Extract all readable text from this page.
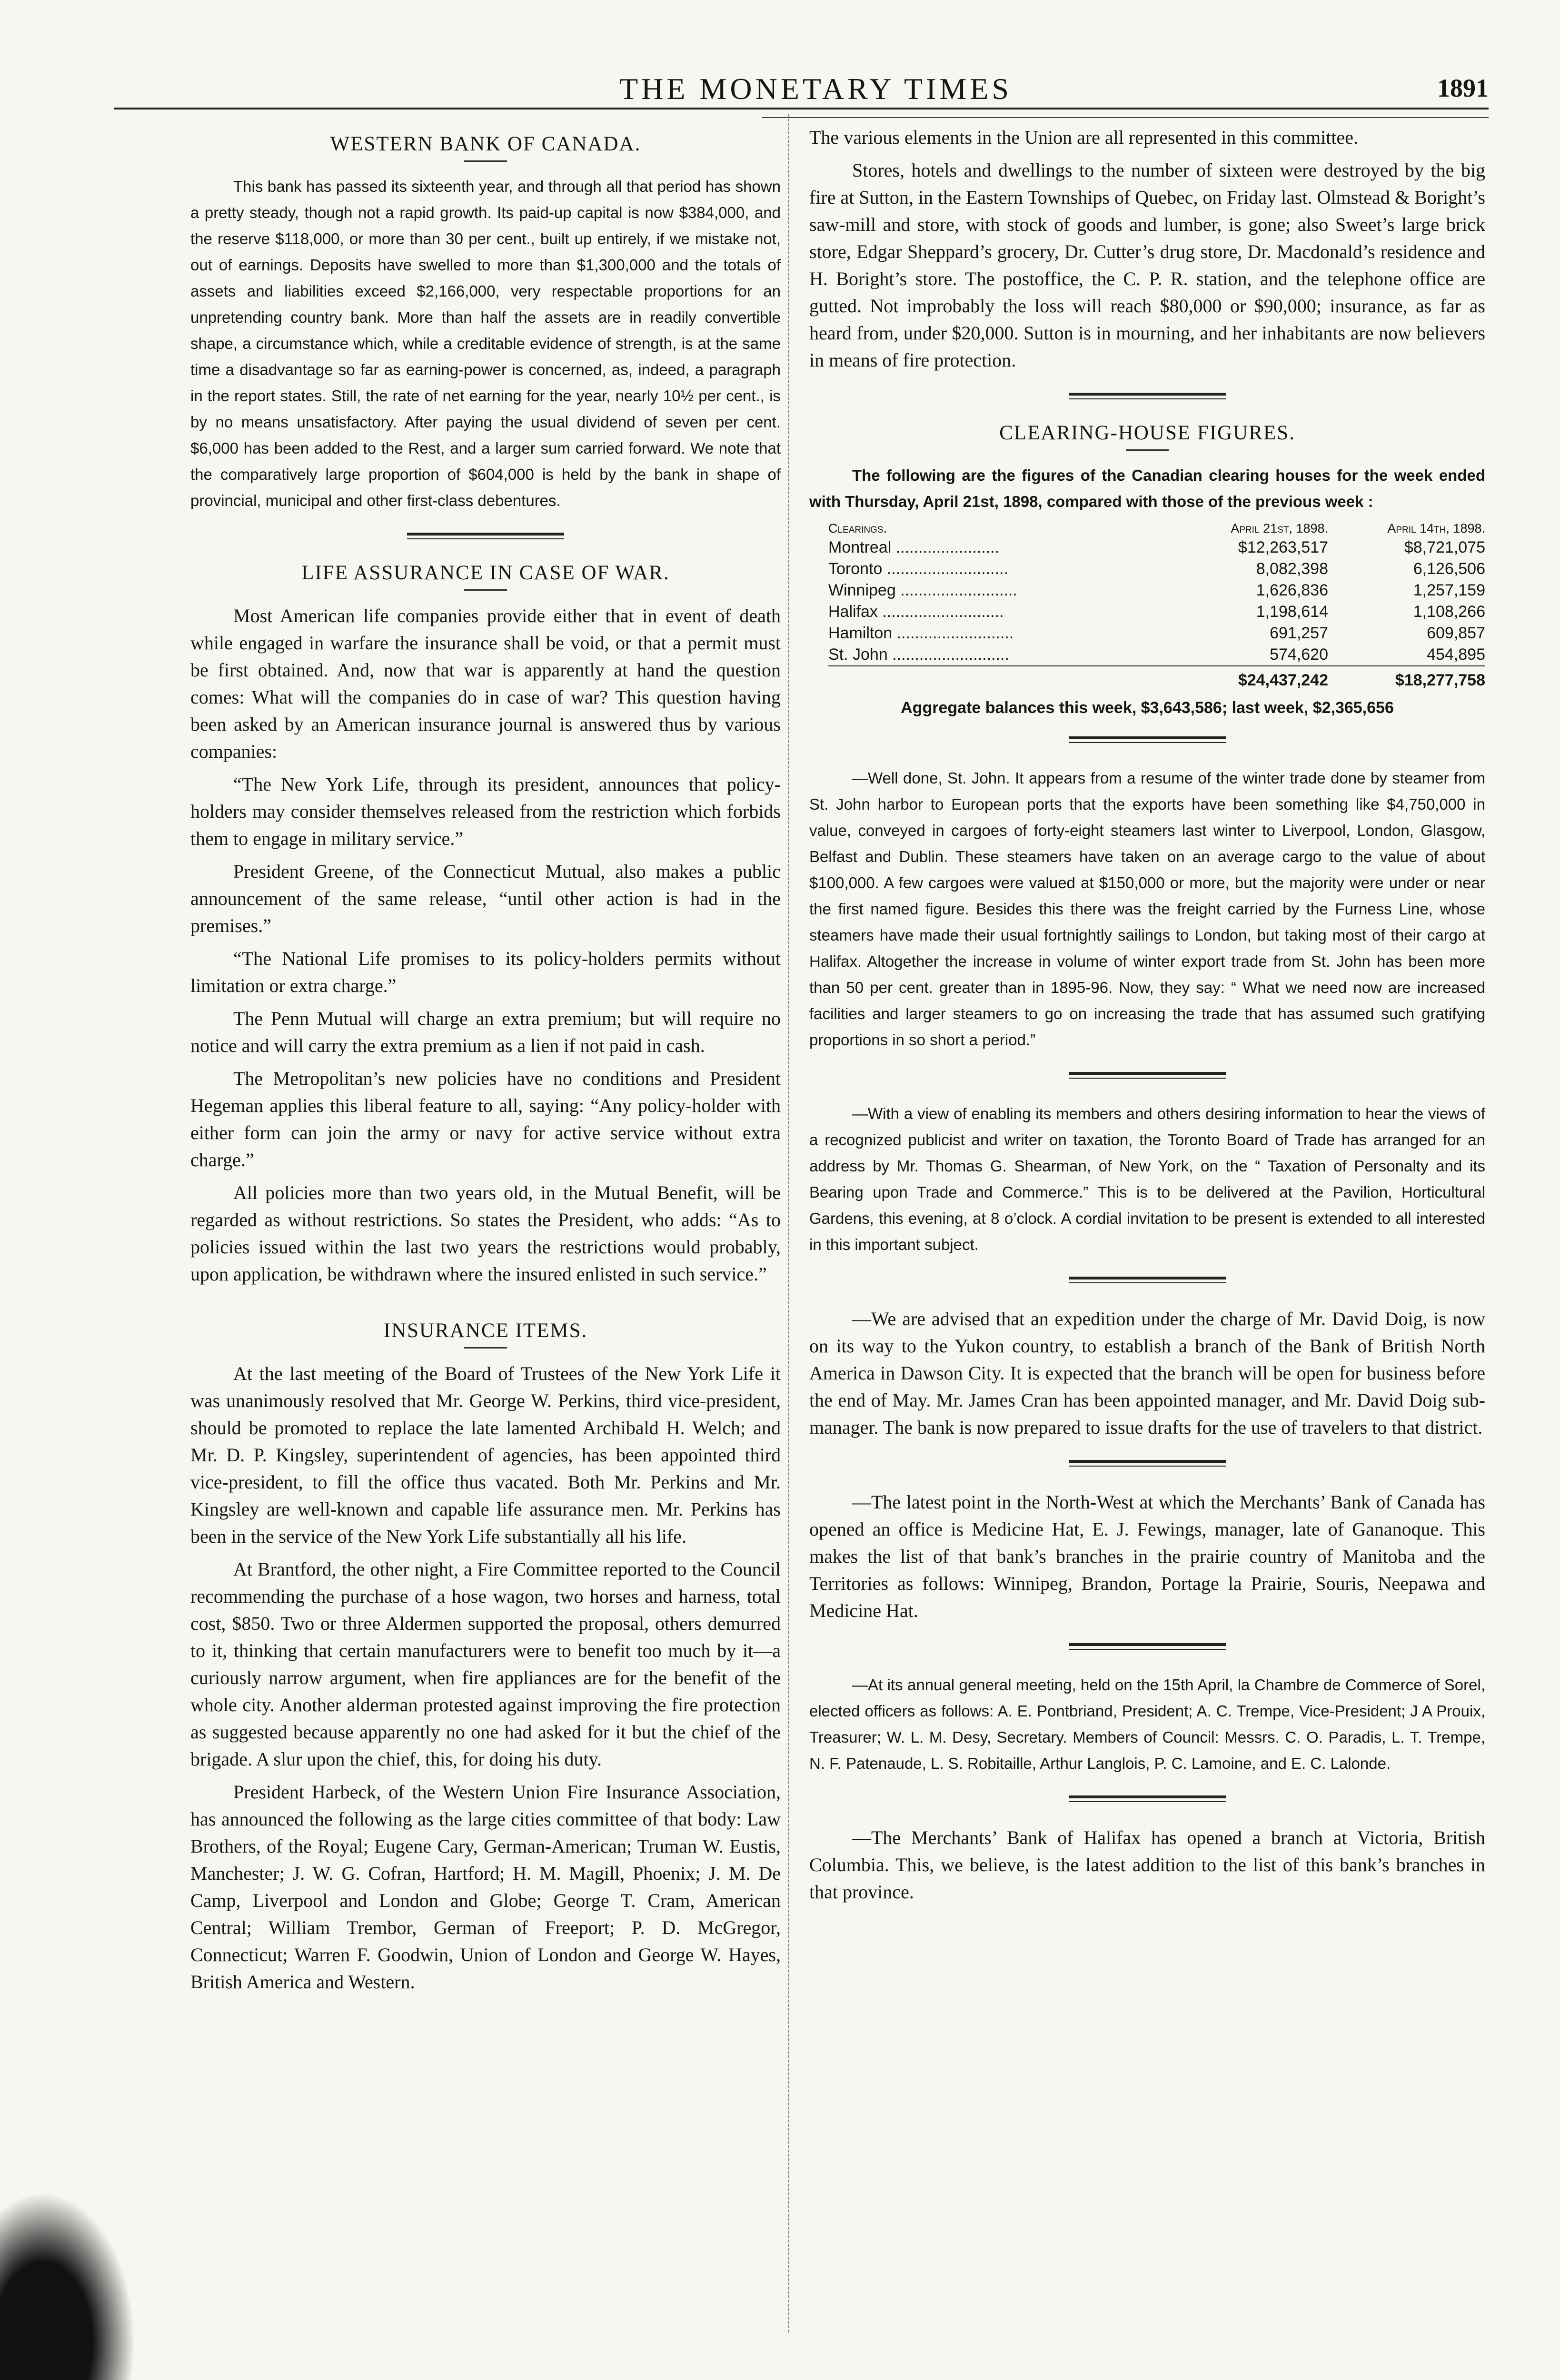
THE MONETARY TIMES	1891
WESTERN BANK OF CANADA.

This bank has passed its sixteenth year, and through all that period has shown a pretty steady, though not a rapid growth. Its paid-up capital is now $384,000, and the reserve $118,000, or more than 30 per cent., built up entirely, if we mistake not, out of earnings. Deposits have swelled to more than $1,300,000 and the totals of assets and liabilities exceed $2,166,000, very respectable proportions for an unpretending country bank. More than half the assets are in readily convertible shape, a circumstance which, while a creditable evidence of strength, is at the same time a disadvantage so far as earning-power is concerned, as, indeed, a paragraph in the report states. Still, the rate of net earning for the year, nearly 10½ per cent., is by no means unsatisfactory. After paying the usual dividend of seven per cent. $6,000 has been added to the Rest, and a larger sum carried forward. We note that the comparatively large proportion of $604,000 is held by the bank in shape of provincial, municipal and other first-class debentures.

LIFE ASSURANCE IN CASE OF WAR.

Most American life companies provide either that in event of death while engaged in warfare the insurance shall be void, or that a permit must be first obtained. And, now that war is apparently at hand the question comes: What will the companies do in case of war? This question having been asked by an American insurance journal is answered thus by various companies:

“The New York Life, through its president, announces that policy-holders may consider themselves released from the restriction which forbids them to engage in military service.”

President Greene, of the Connecticut Mutual, also makes a public announcement of the same release, “until other action is had in the premises.”

“The National Life promises to its policy-holders permits without limitation or extra charge.”

The Penn Mutual will charge an extra premium; but will require no notice and will carry the extra premium as a lien if not paid in cash.

The Metropolitan’s new policies have no conditions and President Hegeman applies this liberal feature to all, saying: “Any policy-holder with either form can join the army or navy for active service without extra charge.”

All policies more than two years old, in the Mutual Benefit, will be regarded as without restrictions. So states the President, who adds: “As to policies issued within the last two years the restrictions would probably, upon application, be withdrawn where the insured enlisted in such service.”

INSURANCE ITEMS.

At the last meeting of the Board of Trustees of the New York Life it was unanimously resolved that Mr. George W. Perkins, third vice-president, should be promoted to replace the late lamented Archibald H. Welch; and Mr. D. P. Kingsley, superintendent of agencies, has been appointed third vice-president, to fill the office thus vacated. Both Mr. Perkins and Mr. Kingsley are well-known and capable life assurance men. Mr. Perkins has been in the service of the New York Life substantially all his life.

At Brantford, the other night, a Fire Committee reported to the Council recommending the purchase of a hose wagon, two horses and harness, total cost, $850. Two or three Aldermen supported the proposal, others demurred to it, thinking that certain manufacturers were to benefit too much by it—a curiously narrow argument, when fire appliances are for the benefit of the whole city. Another alderman protested against improving the fire protection as suggested because apparently no one had asked for it but the chief of the brigade. A slur upon the chief, this, for doing his duty.

President Harbeck, of the Western Union Fire Insurance Association, has announced the following as the large cities committee of that body: Law Brothers, of the Royal; Eugene Cary, German-American; Truman W. Eustis, Manchester; J. W. G. Cofran, Hartford; H. M. Magill, Phoenix; J. M. De Camp, Liverpool and London and Globe; George T. Cram, American Central; William Trembor, German of Freeport; P. D. McGregor, Connecticut; Warren F. Goodwin, Union of London and George W. Hayes, British America and Western.

The various elements in the Union are all represented in this committee.

Stores, hotels and dwellings to the number of sixteen were destroyed by the big fire at Sutton, in the Eastern Townships of Quebec, on Friday last. Olmstead & Boright’s saw-mill and store, with stock of goods and lumber, is gone; also Sweet’s large brick store, Edgar Sheppard’s grocery, Dr. Cutter’s drug store, Dr. Macdonald’s residence and H. Boright’s store. The postoffice, the C. P. R. station, and the telephone office are gutted. Not improbably the loss will reach $80,000 or $90,000; insurance, as far as heard from, under $20,000. Sutton is in mourning, and her inhabitants are now believers in means of fire protection.

CLEARING-HOUSE FIGURES.

The following are the figures of the Canadian clearing houses for the week ended with Thursday, April 21st, 1898, compared with those of the previous week :

Clearings.	April 21st, 1898.	April 14th, 1898.
Montreal .......................	$12,263,517	$8,721,075
Toronto ...........................	8,082,398	6,126,506
Winnipeg ..........................	1,626,836	1,257,159
Halifax ...........................	1,198,614	1,108,266
Hamilton ..........................	691,257	609,857
St. John ..........................	574,620	454,895
	$24,437,242	$18,277,758

Aggregate balances this week, $3,643,586; last week, $2,365,656

—Well done, St. John. It appears from a resume of the winter trade done by steamer from St. John harbor to European ports that the exports have been something like $4,750,000 in value, conveyed in cargoes of forty-eight steamers last winter to Liverpool, London, Glasgow, Belfast and Dublin. These steamers have taken on an average cargo to the value of about $100,000. A few cargoes were valued at $150,000 or more, but the majority were under or near the first named figure. Besides this there was the freight carried by the Furness Line, whose steamers have made their usual fortnightly sailings to London, but taking most of their cargo at Halifax. Altogether the increase in volume of winter export trade from St. John has been more than 50 per cent. greater than in 1895-96. Now, they say: “ What we need now are increased facilities and larger steamers to go on increasing the trade that has assumed such gratifying proportions in so short a period.”

—With a view of enabling its members and others desiring information to hear the views of a recognized publicist and writer on taxation, the Toronto Board of Trade has arranged for an address by Mr. Thomas G. Shearman, of New York, on the “ Taxation of Personalty and its Bearing upon Trade and Commerce.” This is to be delivered at the Pavilion, Horticultural Gardens, this evening, at 8 o’clock. A cordial invitation to be present is extended to all interested in this important subject.

—We are advised that an expedition under the charge of Mr. David Doig, is now on its way to the Yukon country, to establish a branch of the Bank of British North America in Dawson City. It is expected that the branch will be open for business before the end of May. Mr. James Cran has been appointed manager, and Mr. David Doig sub-manager. The bank is now prepared to issue drafts for the use of travelers to that district.

—The latest point in the North-West at which the Merchants’ Bank of Canada has opened an office is Medicine Hat, E. J. Fewings, manager, late of Gananoque. This makes the list of that bank’s branches in the prairie country of Manitoba and the Territories as follows: Winnipeg, Brandon, Portage la Prairie, Souris, Neepawa and Medicine Hat.

—At its annual general meeting, held on the 15th April, la Chambre de Commerce of Sorel, elected officers as follows: A. E. Pontbriand, President; A. C. Trempe, Vice-President; J A Prouix, Treasurer; W. L. M. Desy, Secretary. Members of Council: Messrs. C. O. Paradis, L. T. Trempe, N. F. Patenaude, L. S. Robitaille, Arthur Langlois, P. C. Lamoine, and E. C. Lalonde.

—The Merchants’ Bank of Halifax has opened a branch at Victoria, British Columbia. This, we believe, is the latest addition to the list of this bank’s branches in that province.
